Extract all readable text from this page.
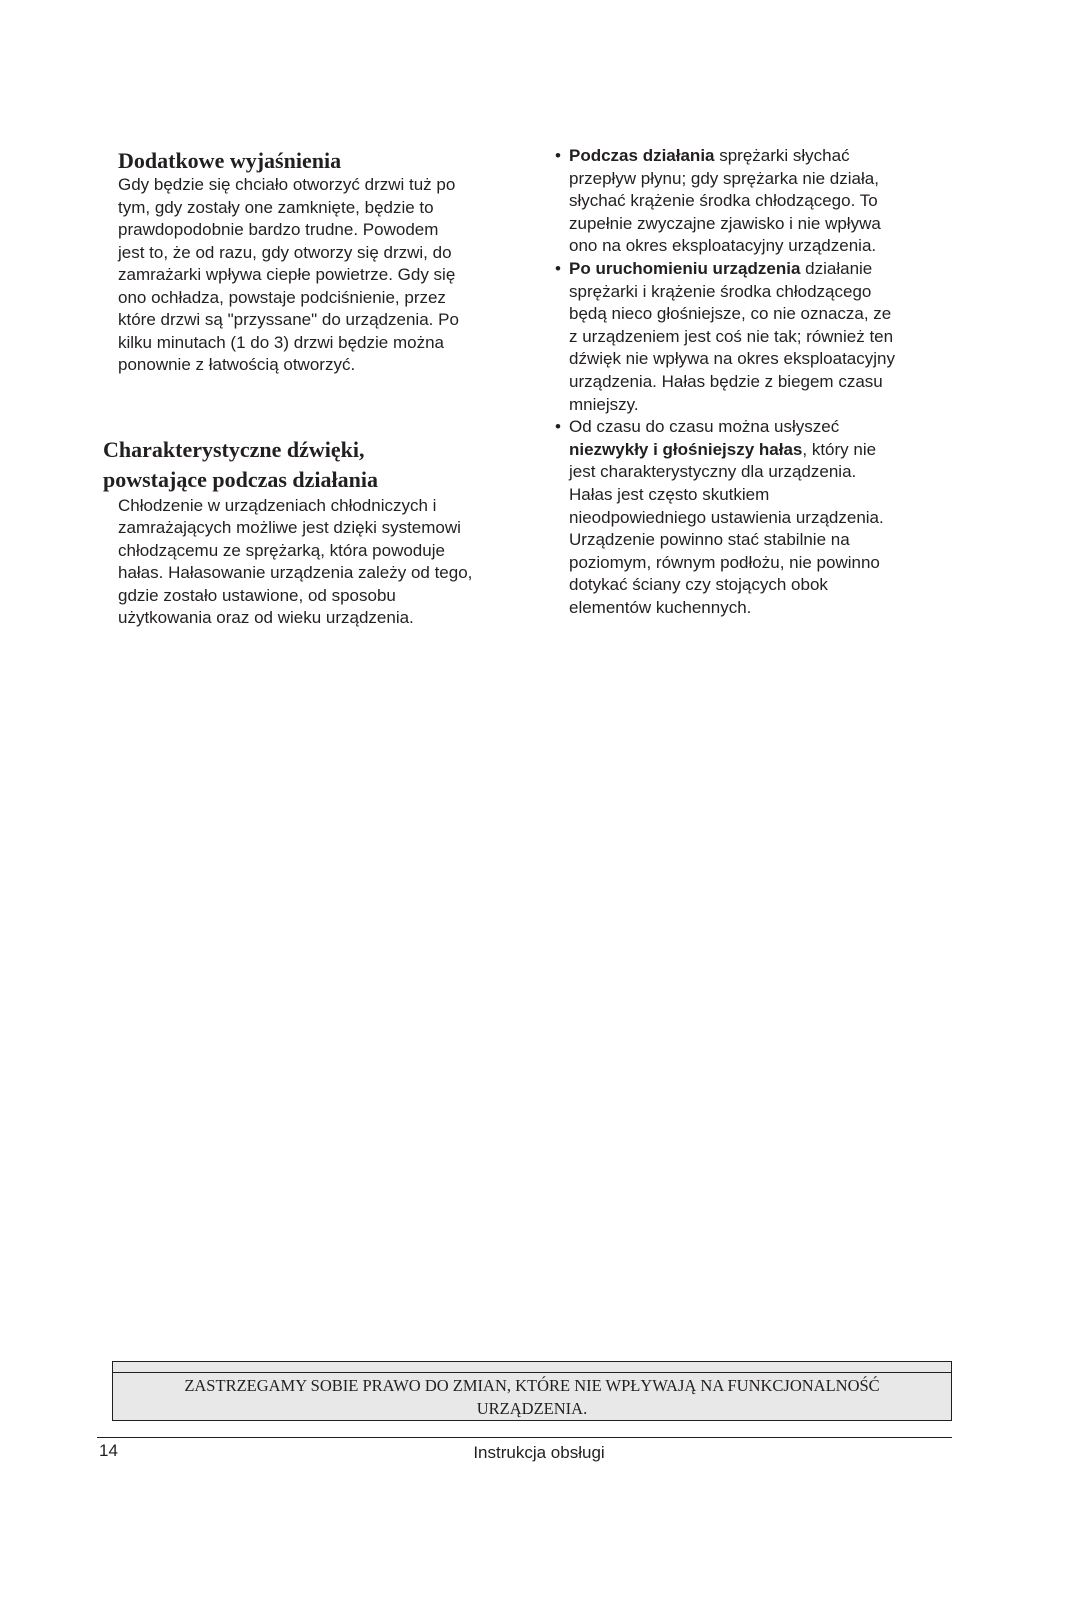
Dodatkowe wyjaśnienia

Gdy będzie się chciało otworzyć drzwi tuż po
tym, gdy zostały one zamknięte, będzie to
prawdopodobnie bardzo trudne. Powodem
jest to, że od razu, gdy otworzy się drzwi, do
zamrażarki wpływa ciepłe powietrze. Gdy się
ono ochładza, powstaje podciśnienie, przez
które drzwi są "przyssane" do urządzenia. Po
kilku minutach (1 do 3) drzwi będzie można
ponownie z łatwością otworzyć.

Charakterystyczne dźwięki,
powstające podczas działania

Chłodzenie w urządzeniach chłodniczych i
zamrażających możliwe jest dzięki systemowi
chłodzącemu ze sprężarką, która powoduje
hałas. Hałasowanie urządzenia zależy od tego,
gdzie zostało ustawione, od sposobu
użytkowania oraz od wieku urządzenia.

• Podczas działania sprężarki słychać
przepływ płynu; gdy sprężarka nie działa,
słychać krążenie środka chłodzącego. To
zupełnie zwyczajne zjawisko i nie wpływa
ono na okres eksploatacyjny urządzenia.
• Po uruchomieniu urządzenia działanie
sprężarki i krążenie środka chłodzącego
będą nieco głośniejsze, co nie oznacza, ze
z urządzeniem jest coś nie tak; również ten
dźwięk nie wpływa na okres eksploatacyjny
urządzenia. Hałas będzie z biegem czasu
mniejszy.
• Od czasu do czasu można usłyszeć
niezwykły i głośniejszy hałas, który nie
jest charakterystyczny dla urządzenia.
Hałas jest często skutkiem
nieodpowiedniego ustawienia urządzenia.
Urządzenie powinno stać stabilnie na
poziomym, równym podłożu, nie powinno
dotykać ściany czy stojących obok
elementów kuchennych.
ZASTRZEGAMY SOBIE PRAWO DO ZMIAN, KTÓRE NIE WPŁYWAJĄ NA FUNKCJONALNOŚĆ
URZĄDZENIA.
14	Instrukcja obsługi
